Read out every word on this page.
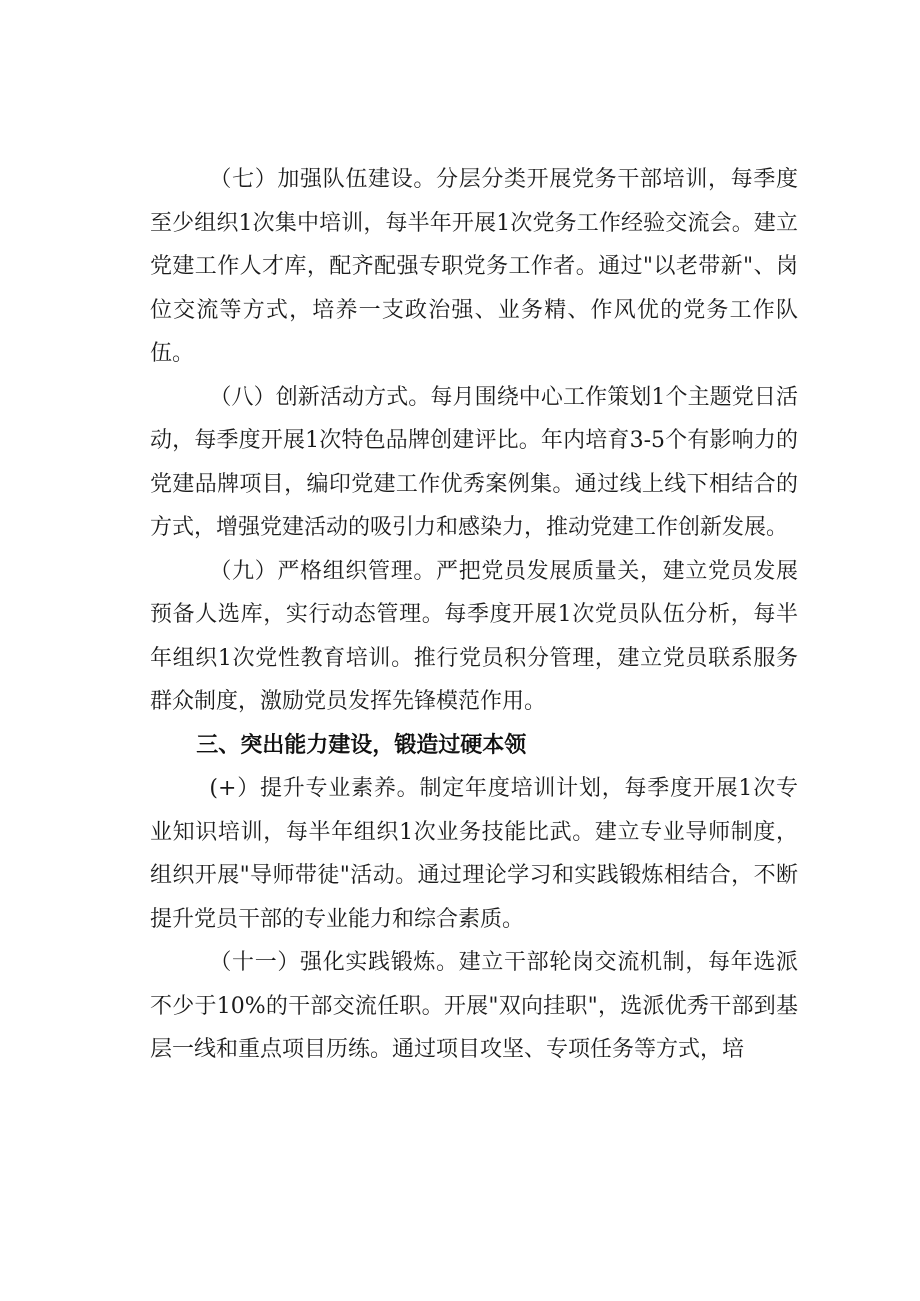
（七）加强队伍建设。分层分类开展党务干部培训，每季度至少组织1次集中培训，每半年开展1次党务工作经验交流会。建立党建工作人才库，配齐配强专职党务工作者。通过"以老带新"、岗位交流等方式，培养一支政治强、业务精、作风优的党务工作队伍。

（八）创新活动方式。每月围绕中心工作策划1个主题党日活动，每季度开展1次特色品牌创建评比。年内培育3-5个有影响力的党建品牌项目，编印党建工作优秀案例集。通过线上线下相结合的方式，增强党建活动的吸引力和感染力，推动党建工作创新发展。

（九）严格组织管理。严把党员发展质量关，建立党员发展预备人选库，实行动态管理。每季度开展1次党员队伍分析，每半年组织1次党性教育培训。推行党员积分管理，建立党员联系服务群众制度，激励党员发挥先锋模范作用。

三、突出能力建设，锻造过硬本领

(+）提升专业素养。制定年度培训计划，每季度开展1次专业知识培训，每半年组织1次业务技能比武。建立专业导师制度，组织开展"导师带徒"活动。通过理论学习和实践锻炼相结合，不断提升党员干部的专业能力和综合素质。

（十一）强化实践锻炼。建立干部轮岗交流机制，每年选派不少于10%的干部交流任职。开展"双向挂职"，选派优秀干部到基层一线和重点项目历练。通过项目攻坚、专项任务等方式，培
